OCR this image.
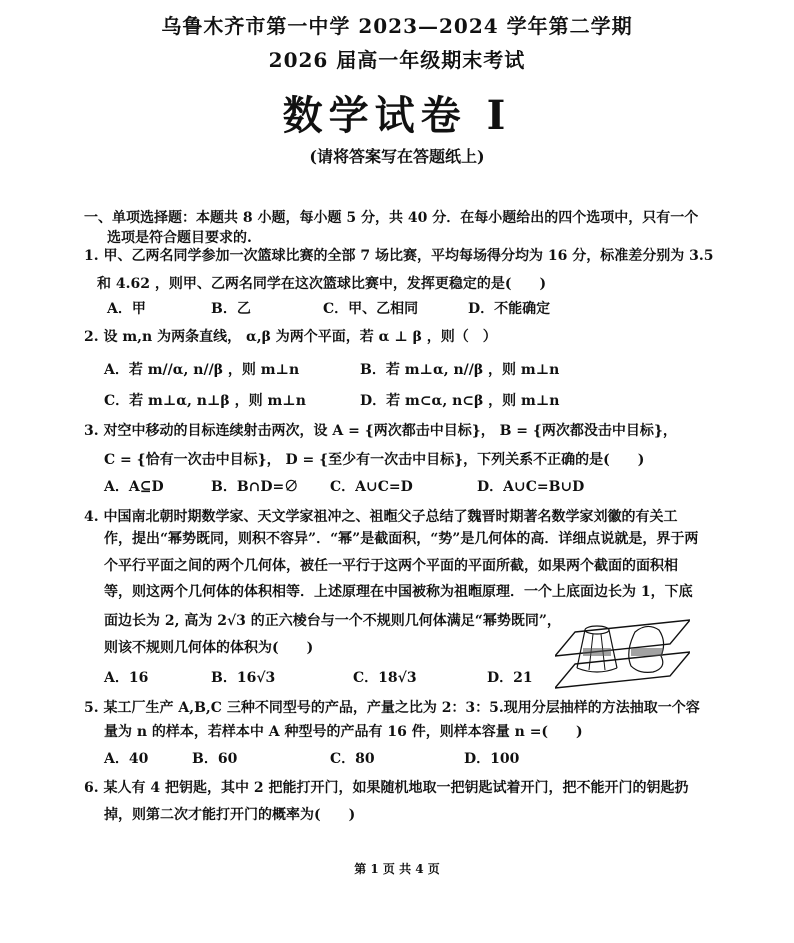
乌鲁木齐市第一中学 2023—2024 学年第二学期
2026 届高一年级期末考试
数学试卷 I
(请将答案写在答题纸上)
一、单项选择题：本题共 8 小题，每小题 5 分，共 40 分．在每小题给出的四个选项中，只有一个
选项是符合题目要求的.
1. 甲、乙两名同学参加一次篮球比赛的全部 7 场比赛，平均每场得分均为 16 分，标准差分别为 3.5
和 4.62 ，则甲、乙两名同学在这次篮球比赛中，发挥更稳定的是(　　)
A．甲	B．乙	C．甲、乙相同	D．不能确定
2. 设 m,n 为两条直线， α,β 为两个平面，若 α ⊥ β ，则（　）
A．若 m//α, n//β ，则 m⊥n	B．若 m⊥α, n//β ，则 m⊥n
C．若 m⊥α, n⊥β ，则 m⊥n	D．若 m⊂α, n⊂β ，则 m⊥n
3. 对空中移动的目标连续射击两次，设 A = {两次都击中目标}， B = {两次都没击中目标}，
C = {恰有一次击中目标}， D = {至少有一次击中目标}，下列关系不正确的是(　　)
A．A⊆D	B．B∩D=∅ C．A∪C=D	D．A∪C=B∪D
4. 中国南北朝时期数学家、天文学家祖冲之、祖暅父子总结了魏晋时期著名数学家刘徽的有关工
作，提出“幂势既同，则积不容异”．“幂”是截面积，“势”是几何体的高．详细点说就是，界于两
个平行平面之间的两个几何体，被任一平行于这两个平面的平面所截，如果两个截面的面积相
等，则这两个几何体的体积相等．上述原理在中国被称为祖暅原理．一个上底面边长为 1，下底
面边长为 2, 高为 2√3 的正六棱台与一个不规则几何体满足“幂势既同”，
则该不规则几何体的体积为(　　)
A．16	B．16√3	C．18√3	D．21
5. 某工厂生产 A,B,C 三种不同型号的产品，产量之比为 2：3：5.现用分层抽样的方法抽取一个容
量为 n 的样本，若样本中 A 种型号的产品有 16 件，则样本容量 n =(　　)
A．40	B．60	C．80	D．100
6. 某人有 4 把钥匙，其中 2 把能打开门，如果随机地取一把钥匙试着开门，把不能开门的钥匙扔
掉，则第二次才能打开门的概率为(　　)
第 1 页 共 4 页
